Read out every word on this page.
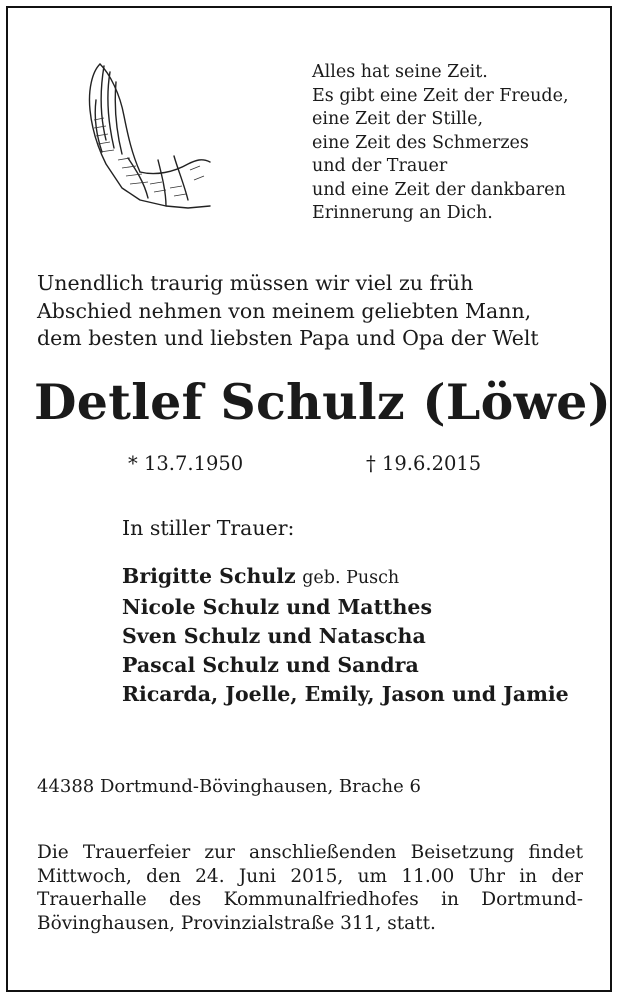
Alles hat seine Zeit.
Es gibt eine Zeit der Freude,
eine Zeit der Stille,
eine Zeit des Schmerzes
und der Trauer
und eine Zeit der dankbaren
Erinnerung an Dich.
Unendlich traurig müssen wir viel zu früh
Abschied nehmen von meinem geliebten Mann,
dem besten und liebsten Papa und Opa der Welt
Detlef Schulz (Löwe)
* 13.7.1950	† 19.6.2015
In stiller Trauer:
Brigitte Schulz geb. Pusch
Nicole Schulz und Matthes
Sven Schulz und Natascha
Pascal Schulz und Sandra
Ricarda, Joelle, Emily, Jason und Jamie
44388 Dortmund-Bövinghausen, Brache 6
Die Trauerfeier zur anschließenden Beisetzung findet
Mittwoch, den 24. Juni 2015, um 11.00 Uhr in der
Trauerhalle des Kommunalfriedhofes in Dortmund-
Bövinghausen, Provinzialstraße 311, statt.
